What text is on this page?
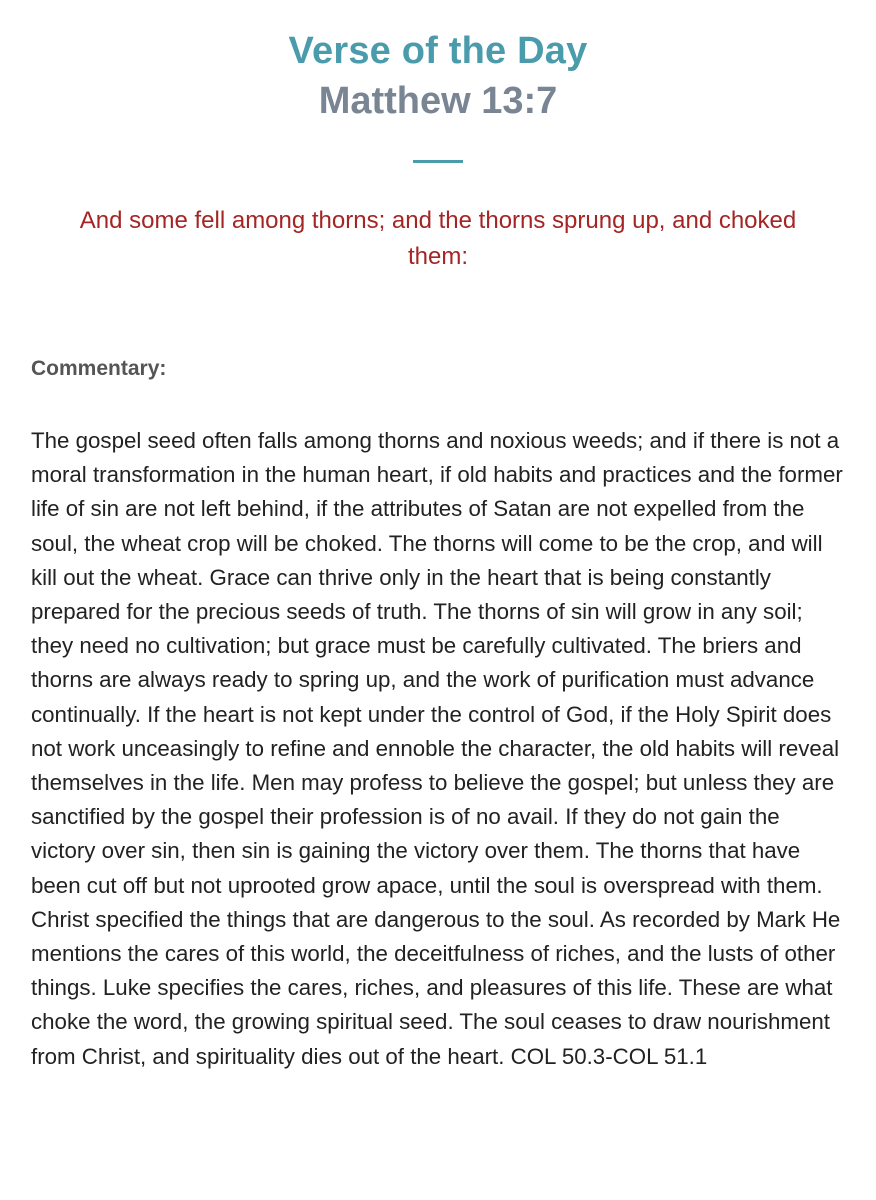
Verse of the Day
Matthew 13:7

And some fell among thorns; and the thorns sprung up, and choked them:

Commentary:

The gospel seed often falls among thorns and noxious weeds; and if there is not a moral transformation in the human heart, if old habits and practices and the former life of sin are not left behind, if the attributes of Satan are not expelled from the soul, the wheat crop will be choked. The thorns will come to be the crop, and will kill out the wheat. Grace can thrive only in the heart that is being constantly prepared for the precious seeds of truth. The thorns of sin will grow in any soil; they need no cultivation; but grace must be carefully cultivated. The briers and thorns are always ready to spring up, and the work of purification must advance continually. If the heart is not kept under the control of God, if the Holy Spirit does not work unceasingly to refine and ennoble the character, the old habits will reveal themselves in the life. Men may profess to believe the gospel; but unless they are sanctified by the gospel their profession is of no avail. If they do not gain the victory over sin, then sin is gaining the victory over them. The thorns that have been cut off but not uprooted grow apace, until the soul is overspread with them. Christ specified the things that are dangerous to the soul. As recorded by Mark He mentions the cares of this world, the deceitfulness of riches, and the lusts of other things. Luke specifies the cares, riches, and pleasures of this life. These are what choke the word, the growing spiritual seed. The soul ceases to draw nourishment from Christ, and spirituality dies out of the heart. COL 50.3-COL 51.1
